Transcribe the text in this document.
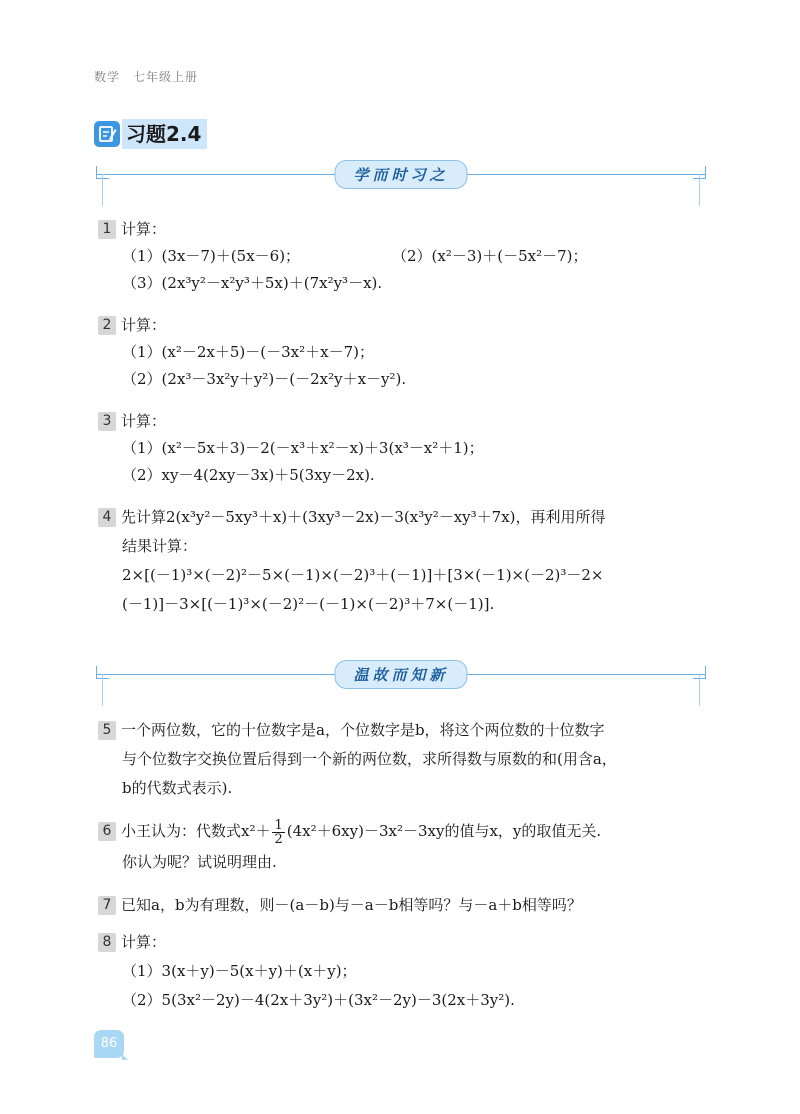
数学　七年级上册
习题2.4
学而时习之
1 计算：
（1）(3x－7)＋(5x－6)；	（2）(x²－3)＋(－5x²－7)；
（3）(2x³y²－x²y³＋5x)＋(7x²y³－x).
2 计算：
（1）(x²－2x＋5)－(－3x²＋x－7)；
（2）(2x³－3x²y＋y²)－(－2x²y＋x－y²).
3 计算：
（1）(x²－5x＋3)－2(－x³＋x²－x)＋3(x³－x²＋1)；
（2）xy－4(2xy－3x)＋5(3xy－2x).
4 先计算2(x³y²－5xy³＋x)＋(3xy³－2x)－3(x³y²－xy³＋7x)，再利用所得
结果计算：
2×[(－1)³×(－2)²－5×(－1)×(－2)³＋(－1)]＋[3×(－1)×(－2)³－2×
(－1)]－3×[(－1)³×(－2)²－(－1)×(－2)³＋7×(－1)].
温故而知新
5 一个两位数，它的十位数字是a，个位数字是b，将这个两位数的十位数字
与个位数字交换位置后得到一个新的两位数，求所得数与原数的和(用含a，
b的代数式表示).
6 小王认为：代数式$x^2+ \frac{1}{2} (4x^2+6xy)-3x^2-3xy$的值与x，y的取值无关.
你认为呢？试说明理由.
7 已知a，b为有理数，则－(a－b)与－a－b相等吗？与－a＋b相等吗？
8 计算：
（1）3(x＋y)－5(x＋y)＋(x＋y)；
（2）5(3x²－2y)－4(2x＋3y²)＋(3x²－2y)－3(2x＋3y²).
86
